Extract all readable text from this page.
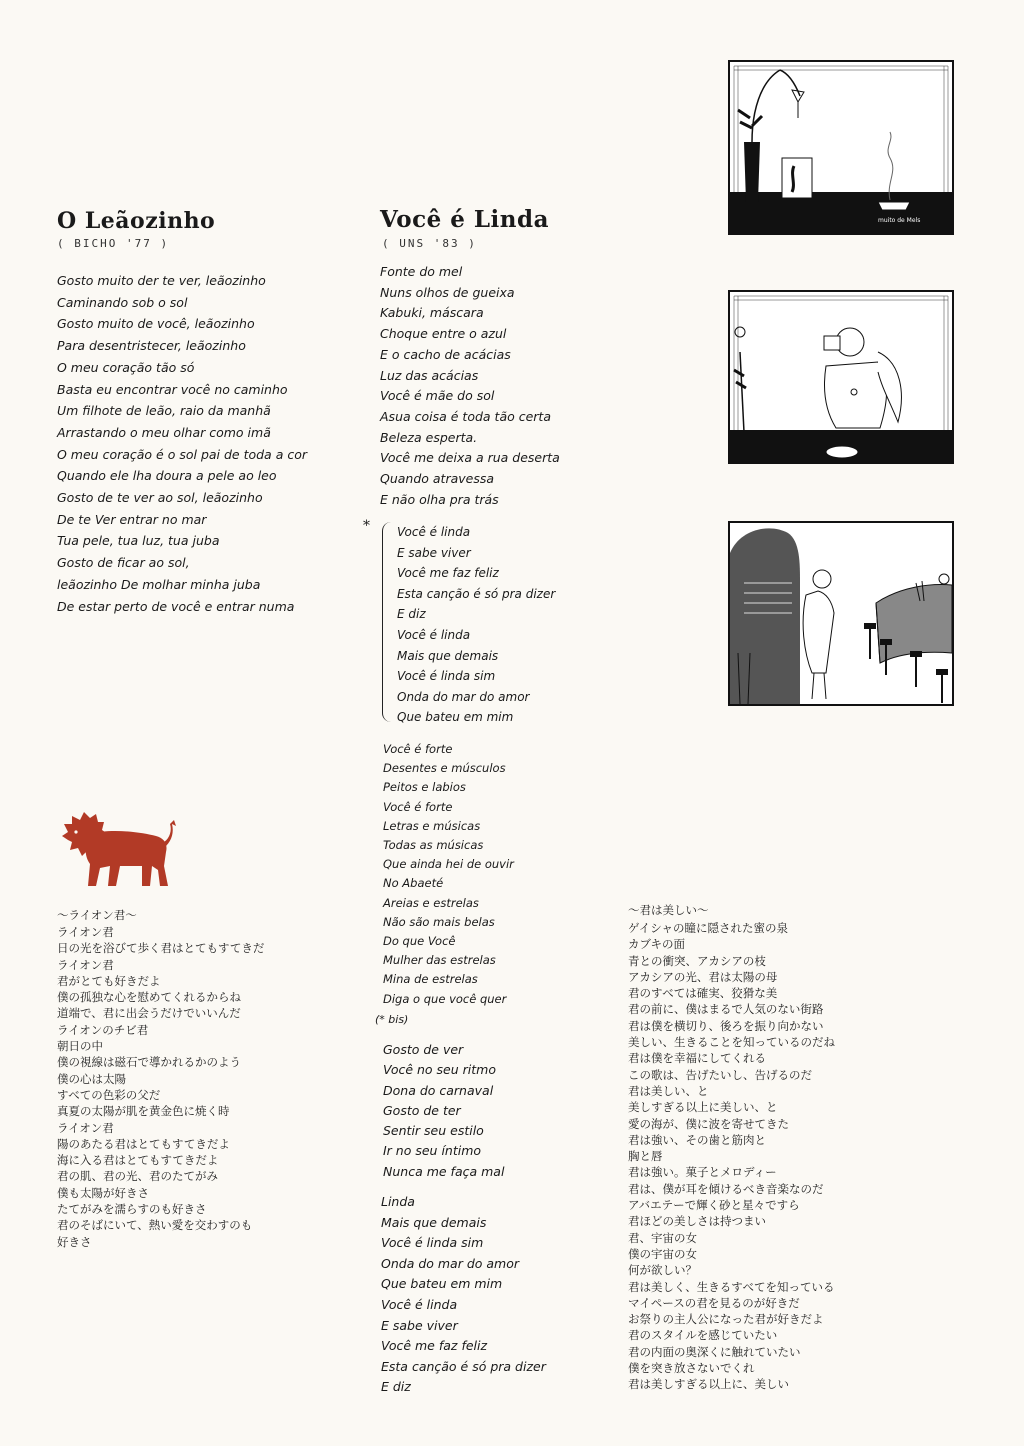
O Leãozinho
( BICHO '77 )
Gosto muito der te ver, leãozinho
Caminando sob o sol
Gosto muito de você, leãozinho
Para desentristecer, leãozinho
O meu coração tão só
Basta eu encontrar você no caminho
Um filhote de leão, raio da manhã
Arrastando o meu olhar como imã
O meu coração é o sol pai de toda a cor
Quando ele lha doura a pele ao leo
Gosto de te ver ao sol, leãozinho
De te Ver entrar no mar
Tua pele, tua luz, tua juba
Gosto de ficar ao sol,
leãozinho De molhar minha juba
De estar perto de você e entrar numa
〜ライオン君〜
ライオン君
日の光を浴びて歩く君はとてもすてきだ
ライオン君
君がとても好きだよ
僕の孤独な心を慰めてくれるからね
道端で、君に出会うだけでいいんだ
ライオンのチビ君
朝日の中
僕の視線は磁石で導かれるかのよう
僕の心は太陽
すべての色彩の父だ
真夏の太陽が肌を黄金色に焼く時
ライオン君
陽のあたる君はとてもすてきだよ
海に入る君はとてもすてきだよ
君の肌、君の光、君のたてがみ
僕も太陽が好きさ
たてがみを濡らすのも好きさ
君のそばにいて、熱い愛を交わすのも
好きさ
Você é Linda
( UNS '83 )
Fonte do mel
Nuns olhos de gueixa
Kabuki, máscara
Choque entre o azul
E o cacho de acácias
Luz das acácias
Você é mãe do sol
Asua coisa é toda tão certa
Beleza esperta.
Você me deixa a rua deserta
Quando atravessa
E não olha pra trás
* Você é linda
E sabe viver
Você me faz feliz
Esta canção é só pra dizer
E diz
Você é linda
Mais que demais
Você é linda sim
Onda do mar do amor
Que bateu em mim
Você é forte
Desentes e músculos
Peitos e labios
Você é forte
Letras e músicas
Todas as músicas
Que ainda hei de ouvir
No Abaeté
Areias e estrelas
Não são mais belas
Do que Você
Mulher das estrelas
Mina de estrelas
Diga o que você quer
(* bis)
Gosto de ver
Você no seu ritmo
Dona do carnaval
Gosto de ter
Sentir seu estilo
Ir no seu íntimo
Nunca me faça mal
Linda
Mais que demais
Você é linda sim
Onda do mar do amor
Que bateu em mim
Você é linda
E sabe viver
Você me faz feliz
Esta canção é só pra dizer
E diz
〜君は美しい〜
ゲイシャの瞳に隠された蜜の泉
カブキの面
青との衝突、アカシアの枝
アカシアの光、君は太陽の母
君のすべては確実、狡猾な美
君の前に、僕はまるで人気のない街路
君は僕を横切り、後ろを振り向かない
美しい、生きることを知っているのだね
君は僕を幸福にしてくれる
この歌は、告げたいし、告げるのだ
君は美しい、と
美しすぎる以上に美しい、と
愛の海が、僕に波を寄せてきた
君は強い、その歯と筋肉と
胸と唇
君は強い。菓子とメロディー
君は、僕が耳を傾けるべき音楽なのだ
アバエテーで輝く砂と星々ですら
君ほどの美しさは持つまい
君、宇宙の女
僕の宇宙の女
何が欲しい？
君は美しく、生きるすべてを知っている
マイペースの君を見るのが好きだ
お祭りの主人公になった君が好きだよ
君のスタイルを感じていたい
君の内面の奥深くに触れていたい
僕を突き放さないでくれ
君は美しすぎる以上に、美しい
muito de Mels
